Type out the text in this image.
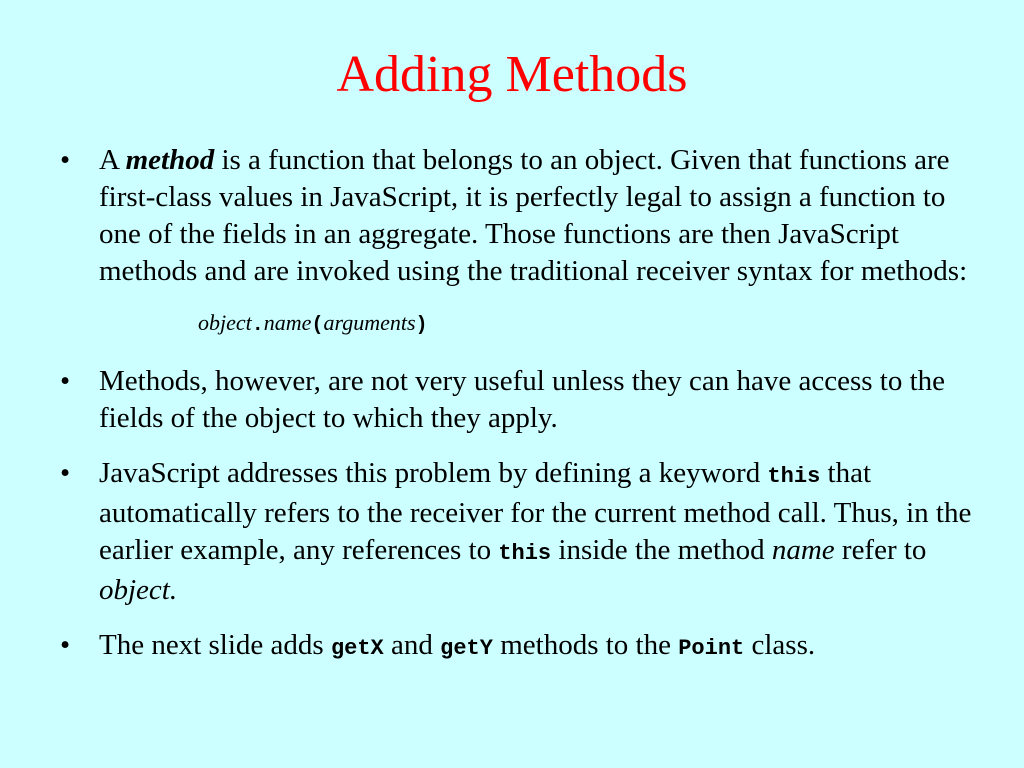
Adding Methods
• A method is a function that belongs to an object. Given that functions are first-class values in JavaScript, it is perfectly legal to assign a function to one of the fields in an aggregate. Those functions are then JavaScript methods and are invoked using the traditional receiver syntax for methods:
object.name(arguments)
• Methods, however, are not very useful unless they can have access to the fields of the object to which they apply.
• JavaScript addresses this problem by defining a keyword this that automatically refers to the receiver for the current method call. Thus, in the earlier example, any references to this inside the method name refer to object.
• The next slide adds getX and getY methods to the Point class.
